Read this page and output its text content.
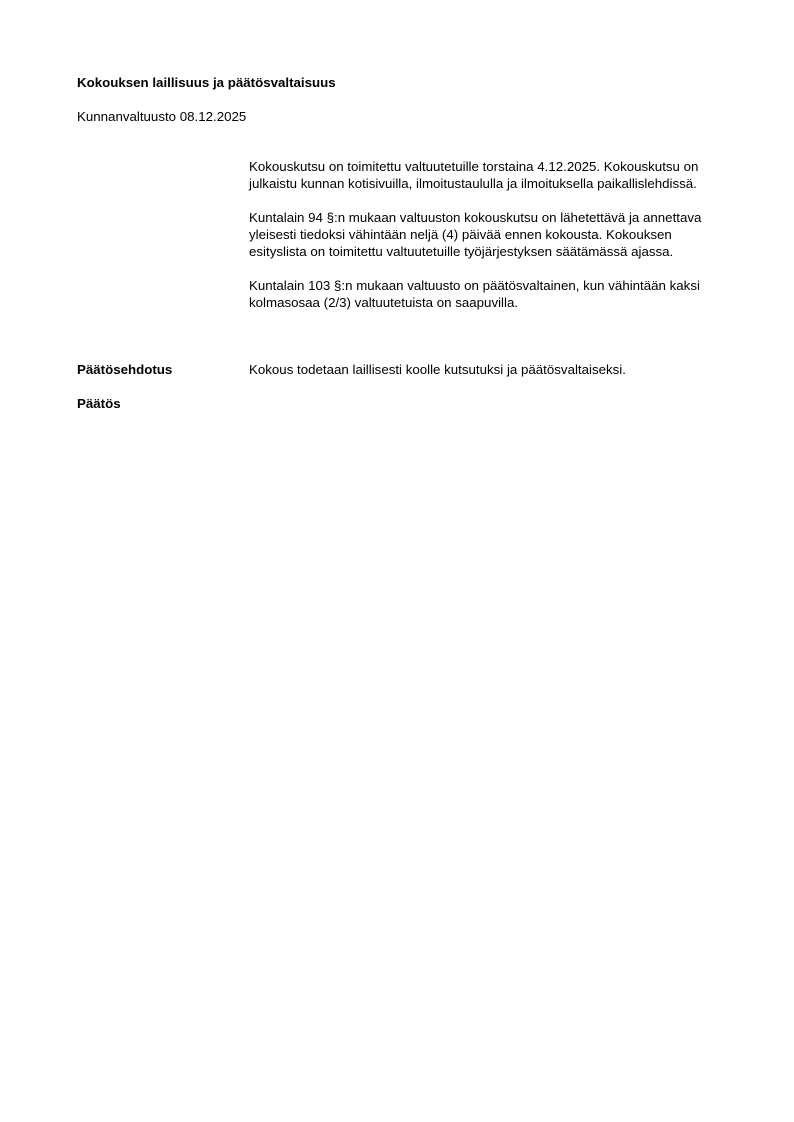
Kokouksen laillisuus ja päätösvaltaisuus

Kunnanvaltuusto 08.12.2025

Kokouskutsu on toimitettu valtuutetuille torstaina 4.12.2025. Kokouskutsu on julkaistu kunnan kotisivuilla, ilmoitustaululla ja ilmoituksella paikallislehdissä.

Kuntalain 94 §:n mukaan valtuuston kokouskutsu on lähetettävä ja annettava yleisesti tiedoksi vähintään neljä (4) päivää ennen kokousta. Kokouksen esityslista on toimitettu valtuutetuille työjärjestyksen säätämässä ajassa.

Kuntalain 103 §:n mukaan valtuusto on päätösvaltainen, kun vähintään kaksi kolmasosaa (2/3) valtuutetuista on saapuvilla.

Päätösehdotus	Kokous todetaan laillisesti koolle kutsutuksi ja päätösvaltaiseksi.
Päätös
